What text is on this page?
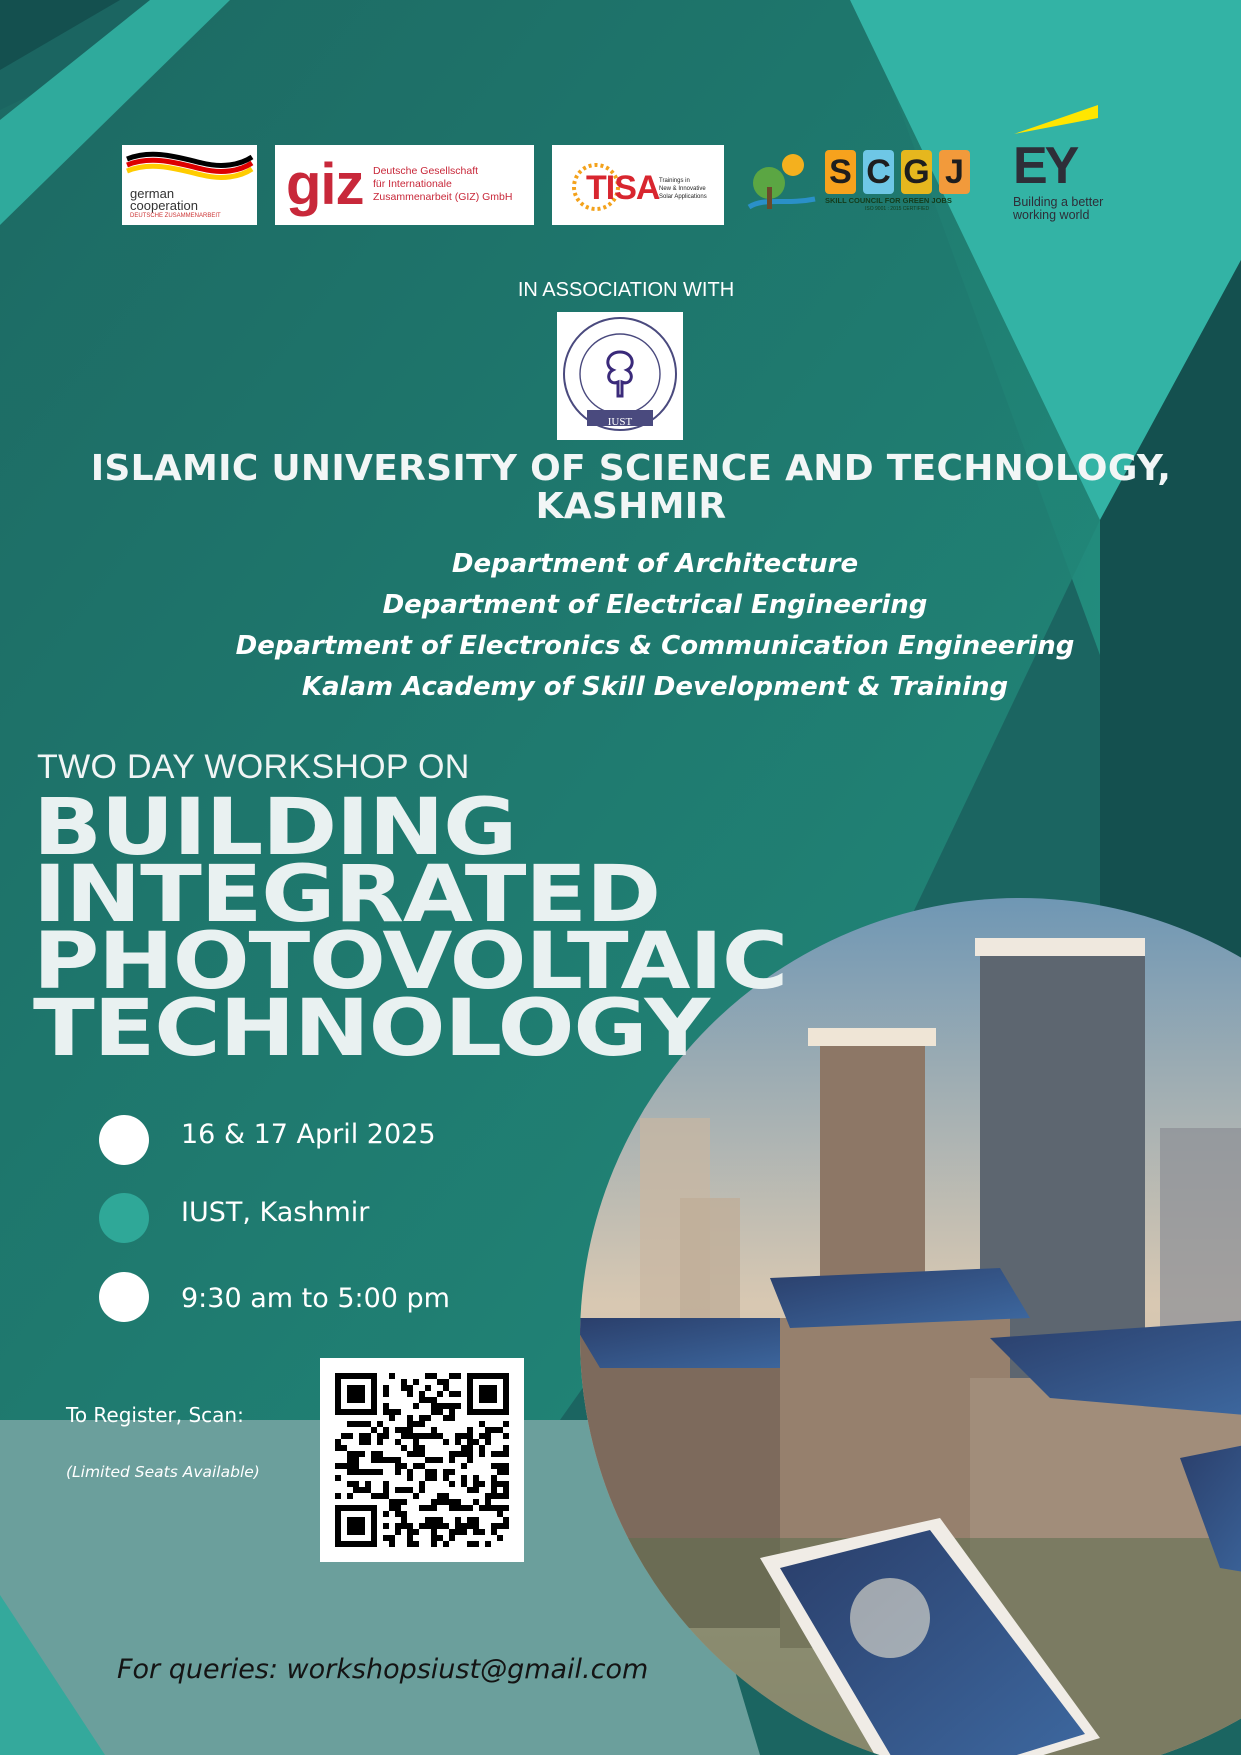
german
cooperation
DEUTSCHE ZUSAMMENARBEIT giz Deutsche Gesellschaft
für Internationale
Zusammenarbeit (GIZ) GmbH TISA Trainings in
New & Innovative
Solar Applications
S C G J
SKILL COUNCIL FOR GREEN JOBS
ISO 9001 : 2015 CERTIFIED
EY
Building a better
working world
IN ASSOCIATION WITH
IUST
ISLAMIC UNIVERSITY OF SCIENCE AND TECHNOLOGY,
KASHMIR
Department of Architecture
Department of Electrical Engineering
Department of Electronics & Communication Engineering
Kalam Academy of Skill Development & Training
TWO DAY WORKSHOP ON
BUILDING
INTEGRATED
PHOTOVOLTAIC
TECHNOLOGY
16 & 17 April 2025
IUST, Kashmir
9:30 am to 5:00 pm
To Register, Scan:
(Limited Seats Available)
For queries: workshopsiust@gmail.com
